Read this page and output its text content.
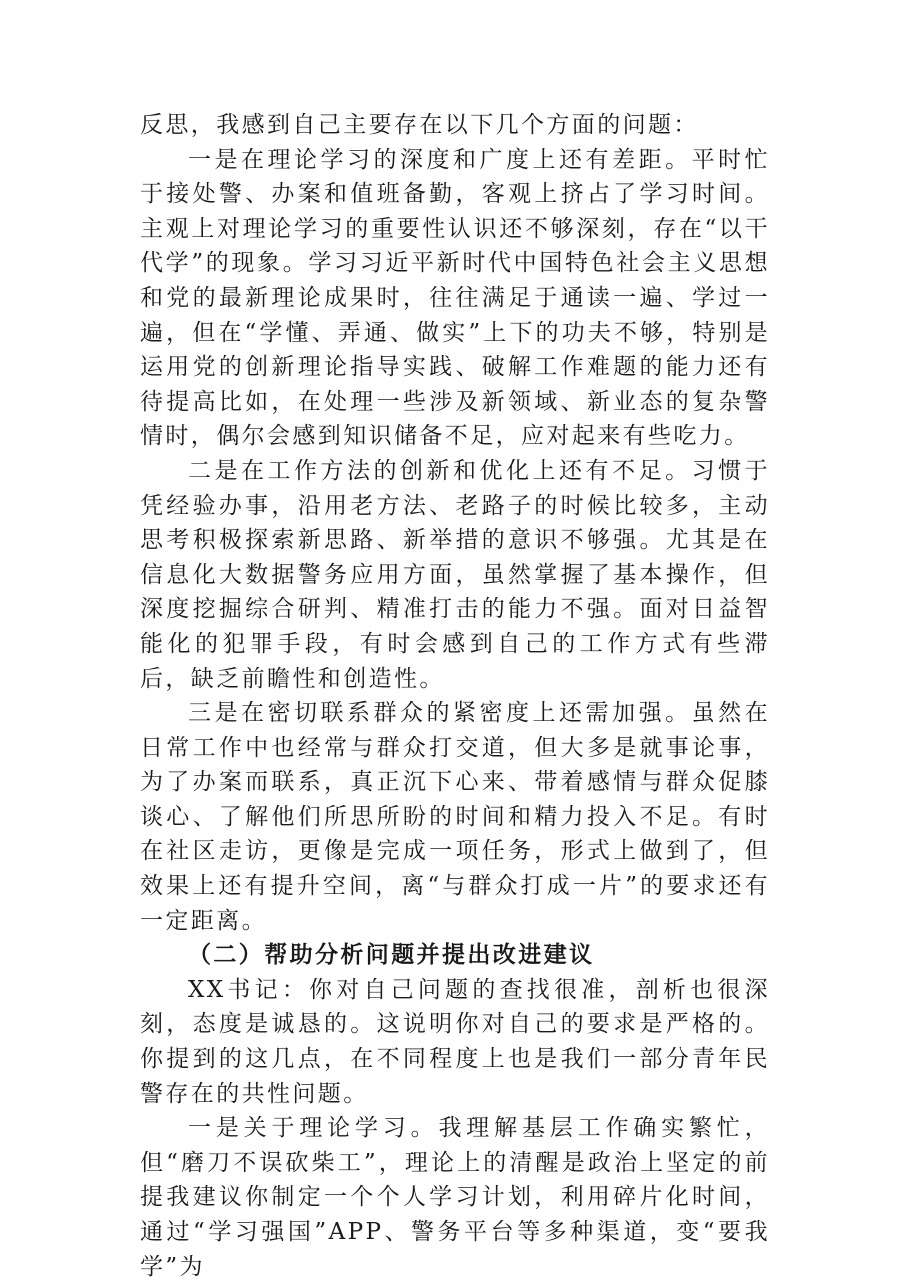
反思，我感到自己主要存在以下几个方面的问题：

一是在理论学习的深度和广度上还有差距。平时忙于接处警、办案和值班备勤，客观上挤占了学习时间。主观上对理论学习的重要性认识还不够深刻，存在“以干代学”的现象。学习习近平新时代中国特色社会主义思想和党的最新理论成果时，往往满足于通读一遍、学过一遍，但在“学懂、弄通、做实”上下的功夫不够，特别是运用党的创新理论指导实践、破解工作难题的能力还有待提高比如，在处理一些涉及新领域、新业态的复杂警情时，偶尔会感到知识储备不足，应对起来有些吃力。

二是在工作方法的创新和优化上还有不足。习惯于凭经验办事，沿用老方法、老路子的时候比较多，主动思考积极探索新思路、新举措的意识不够强。尤其是在信息化大数据警务应用方面，虽然掌握了基本操作，但深度挖掘综合研判、精准打击的能力不强。面对日益智能化的犯罪手段，有时会感到自己的工作方式有些滞后，缺乏前瞻性和创造性。

三是在密切联系群众的紧密度上还需加强。虽然在日常工作中也经常与群众打交道，但大多是就事论事，为了办案而联系，真正沉下心来、带着感情与群众促膝谈心、了解他们所思所盼的时间和精力投入不足。有时在社区走访，更像是完成一项任务，形式上做到了，但效果上还有提升空间，离“与群众打成一片”的要求还有一定距离。

（二）帮助分析问题并提出改进建议

XX书记：你对自己问题的查找很准，剖析也很深刻，态度是诚恳的。这说明你对自己的要求是严格的。你提到的这几点，在不同程度上也是我们一部分青年民警存在的共性问题。

一是关于理论学习。我理解基层工作确实繁忙，但“磨刀不误砍柴工”，理论上的清醒是政治上坚定的前提我建议你制定一个个人学习计划，利用碎片化时间，通过“学习强国”APP、警务平台等多种渠道，变“要我学”为
